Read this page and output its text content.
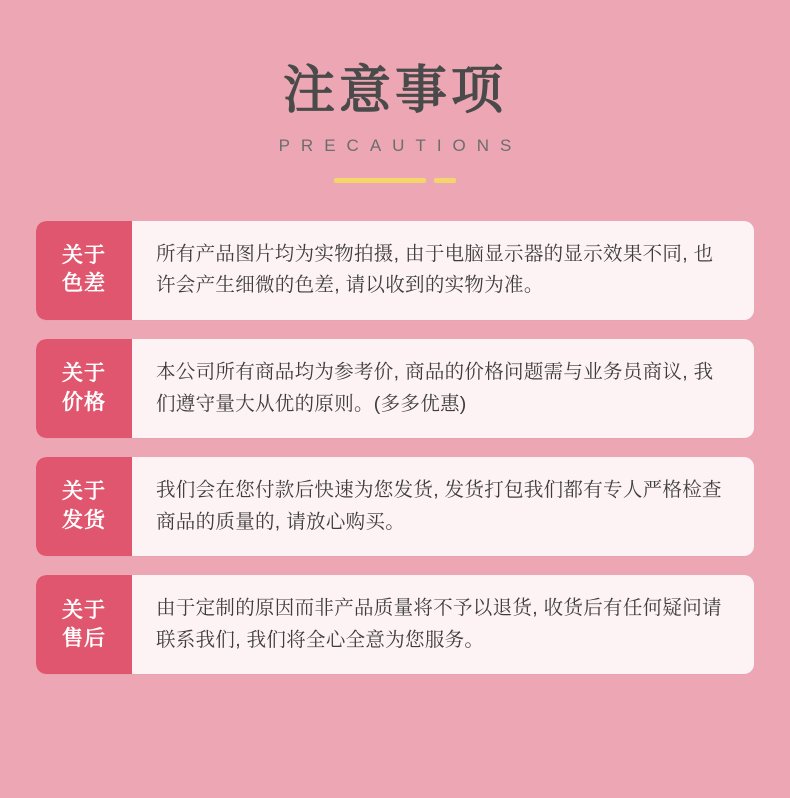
注意事项
PRECAUTIONS
关于
色差
所有产品图片均为实物拍摄, 由于电脑显示器的显示效果不同, 也许会产生细微的色差, 请以收到的实物为准。
关于
价格
本公司所有商品均为参考价, 商品的价格问题需与业务员商议, 我们遵守量大从优的原则。(多多优惠)
关于
发货
我们会在您付款后快速为您发货, 发货打包我们都有专人严格检查商品的质量的, 请放心购买。
关于
售后
由于定制的原因而非产品质量将不予以退货, 收货后有任何疑问请联系我们, 我们将全心全意为您服务。
